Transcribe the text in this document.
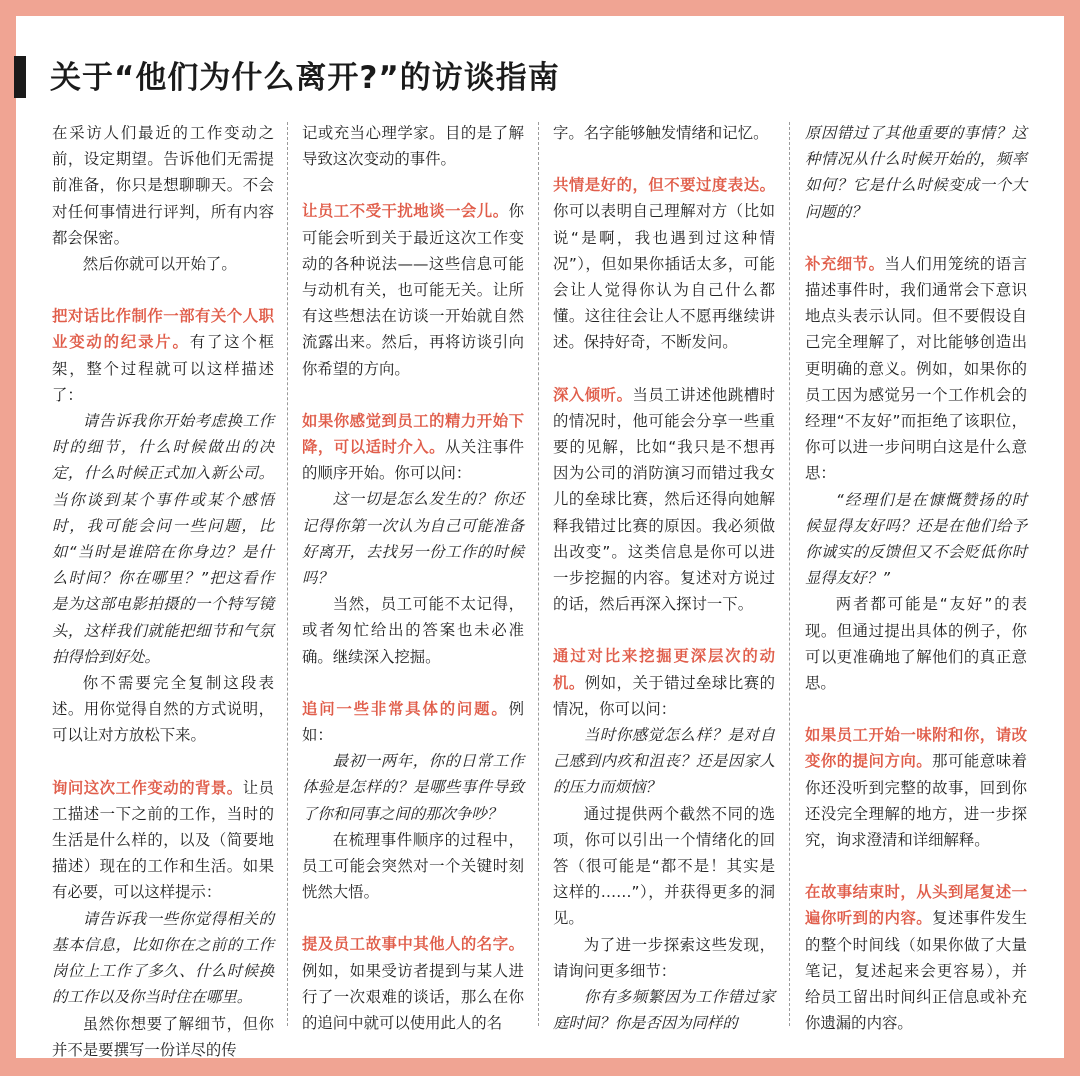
关于“他们为什么离开?”的访谈指南

在采访人们最近的工作变动之前，设定期望。告诉他们无需提前准备，你只是想聊聊天。不会对任何事情进行评判，所有内容都会保密。

然后你就可以开始了。

把对话比作制作一部有关个人职业变动的纪录片。有了这个框架，整个过程就可以这样描述了：

请告诉我你开始考虑换工作时的细节，什么时候做出的决定，什么时候正式加入新公司。当你谈到某个事件或某个感悟时，我可能会问一些问题，比如“当时是谁陪在你身边？是什么时间？你在哪里？”把这看作是为这部电影拍摄的一个特写镜头，这样我们就能把细节和气氛拍得恰到好处。

你不需要完全复制这段表述。用你觉得自然的方式说明，可以让对方放松下来。

询问这次工作变动的背景。让员工描述一下之前的工作，当时的生活是什么样的，以及（简要地描述）现在的工作和生活。如果有必要，可以这样提示：

请告诉我一些你觉得相关的基本信息，比如你在之前的工作岗位上工作了多久、什么时候换的工作以及你当时住在哪里。

虽然你想要了解细节，但你并不是要撰写一份详尽的传

记或充当心理学家。目的是了解导致这次变动的事件。

让员工不受干扰地谈一会儿。你可能会听到关于最近这次工作变动的各种说法——这些信息可能与动机有关，也可能无关。让所有这些想法在访谈一开始就自然流露出来。然后，再将访谈引向你希望的方向。

如果你感觉到员工的精力开始下降，可以适时介入。从关注事件的顺序开始。你可以问：

这一切是怎么发生的？你还记得你第一次认为自己可能准备好离开，去找另一份工作的时候吗？

当然，员工可能不太记得，或者匆忙给出的答案也未必准确。继续深入挖掘。

追问一些非常具体的问题。例如：

最初一两年，你的日常工作体验是怎样的？是哪些事件导致了你和同事之间的那次争吵？

在梳理事件顺序的过程中，员工可能会突然对一个关键时刻恍然大悟。

提及员工故事中其他人的名字。例如，如果受访者提到与某人进行了一次艰难的谈话，那么在你的追问中就可以使用此人的名

字。名字能够触发情绪和记忆。

共情是好的，但不要过度表达。你可以表明自己理解对方（比如说“是啊，我也遇到过这种情况”），但如果你插话太多，可能会让人觉得你认为自己什么都懂。这往往会让人不愿再继续讲述。保持好奇，不断发问。

深入倾听。当员工讲述他跳槽时的情况时，他可能会分享一些重要的见解，比如“我只是不想再因为公司的消防演习而错过我女儿的垒球比赛，然后还得向她解释我错过比赛的原因。我必须做出改变”。这类信息是你可以进一步挖掘的内容。复述对方说过的话，然后再深入探讨一下。

通过对比来挖掘更深层次的动机。例如，关于错过垒球比赛的情况，你可以问：

当时你感觉怎么样？是对自己感到内疚和沮丧？还是因家人的压力而烦恼？

通过提供两个截然不同的选项，你可以引出一个情绪化的回答（很可能是“都不是！其实是这样的……”），并获得更多的洞见。

为了进一步探索这些发现，请询问更多细节：

你有多频繁因为工作错过家庭时间？你是否因为同样的

原因错过了其他重要的事情？这种情况从什么时候开始的，频率如何？它是什么时候变成一个大问题的？

补充细节。当人们用笼统的语言描述事件时，我们通常会下意识地点头表示认同。但不要假设自己完全理解了，对比能够创造出更明确的意义。例如，如果你的员工因为感觉另一个工作机会的经理“不友好”而拒绝了该职位，你可以进一步问明白这是什么意思：

“经理们是在慷慨赞扬的时候显得友好吗？还是在他们给予你诚实的反馈但又不会贬低你时显得友好？”

两者都可能是“友好”的表现。但通过提出具体的例子，你可以更准确地了解他们的真正意思。

如果员工开始一味附和你，请改变你的提问方向。那可能意味着你还没听到完整的故事，回到你还没完全理解的地方，进一步探究，询求澄清和详细解释。

在故事结束时，从头到尾复述一遍你听到的内容。复述事件发生的整个时间线（如果你做了大量笔记，复述起来会更容易），并给员工留出时间纠正信息或补充你遗漏的内容。
